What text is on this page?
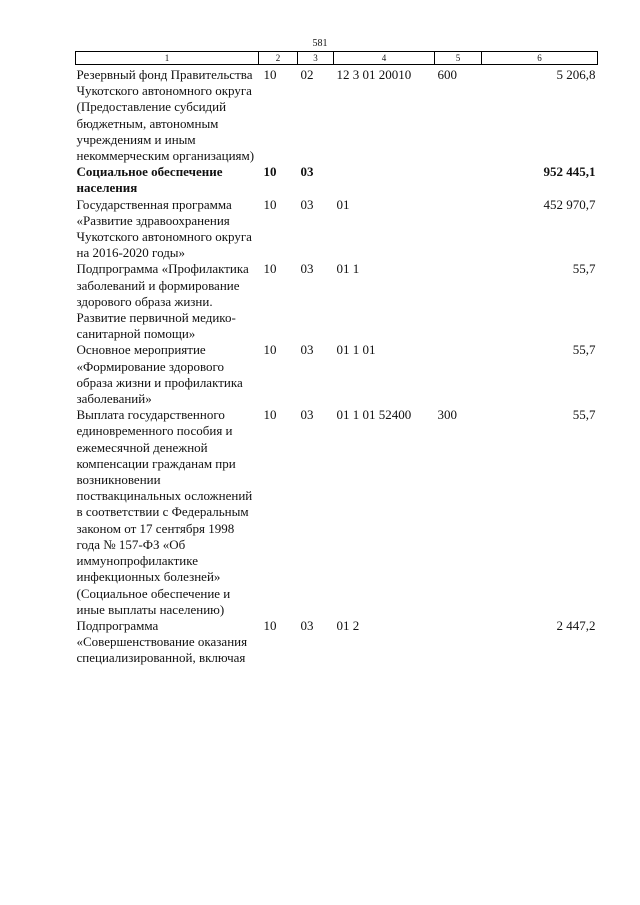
581
1	2	3	4	5	6
Резервный фонд Правительства Чукотского автономного округа (Предоставление субсидий бюджетным, автономным учреждениям и иным некоммерческим организациям)	10	02	12 3 01 20010	600	5 206,8
Социальное обеспечение населения	10	03			952 445,1
Государственная программа «Развитие здравоохранения Чукотского автономного округа на 2016-2020 годы»	10	03	01		452 970,7
Подпрограмма «Профилактика заболеваний и формирование здорового образа жизни. Развитие первичной медико-санитарной помощи»	10	03	01 1		55,7
Основное мероприятие «Формирование здорового образа жизни и профилактика заболеваний»	10	03	01 1 01		55,7
Выплата государственного единовременного пособия и ежемесячной денежной компенсации гражданам при возникновении поствакцинальных осложнений в соответствии с Федеральным законом от 17 сентября 1998 года № 157-ФЗ «Об иммунопрофилактике инфекционных болезней» (Социальное обеспечение и иные выплаты населению)	10	03	01 1 01 52400	300	55,7
Подпрограмма «Совершенствование оказания специализированной, включая	10	03	01 2		2 447,2
